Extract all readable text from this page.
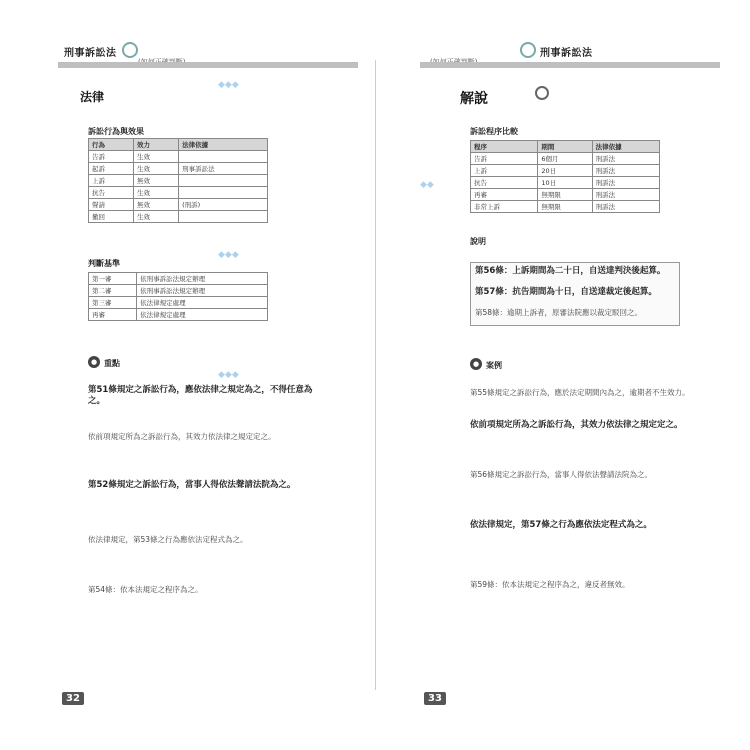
刑事訴訟法
法律
訴訟行為與效果
行為	效力	法律依據
告訴	生效	
起訴	生效	刑事訴訟法
上訴	無效	
抗告	生效	
聲請	無效	(刑訴)
撤回	生效	
判斷基準
第一審	依刑事訴訟法規定辦理
第二審	依刑事訴訟法規定辦理
第三審	依法律規定處理
再審	依法律規定處理
● 重點
第51條規定之訴訟行為，應依法律之規定為之，不得任意為之。
依前項規定所為之訴訟行為，其效力依法律之規定定之。
第52條規定之訴訟行為，當事人得依法聲請法院為之。
依法律規定，第53條之行為應依法定程式為之。
第54條：依本法規定之程序為之。
◆◆◆
◆◆◆
◆◆◆
32
刑事訴訟法
解說
訴訟程序比較
程序	期間	法律依據
告訴	6個月	刑訴法
上訴	20日	刑訴法
抗告	10日	刑訴法
再審	無期限	刑訴法
非常上訴	無期限	刑訴法
說明
第56條：上訴期間為二十日，自送達判決後起算。
第57條：抗告期間為十日，自送達裁定後起算。
第58條：逾期上訴者，原審法院應以裁定駁回之。
● 案例
第55條規定之訴訟行為，應於法定期間內為之，逾期者不生效力。
依前項規定所為之訴訟行為，其效力依法律之規定定之。
第56條規定之訴訟行為，當事人得依法聲請法院為之。
依法律規定，第57條之行為應依法定程式為之。
第59條：依本法規定之程序為之，違反者無效。
◆◆
33
